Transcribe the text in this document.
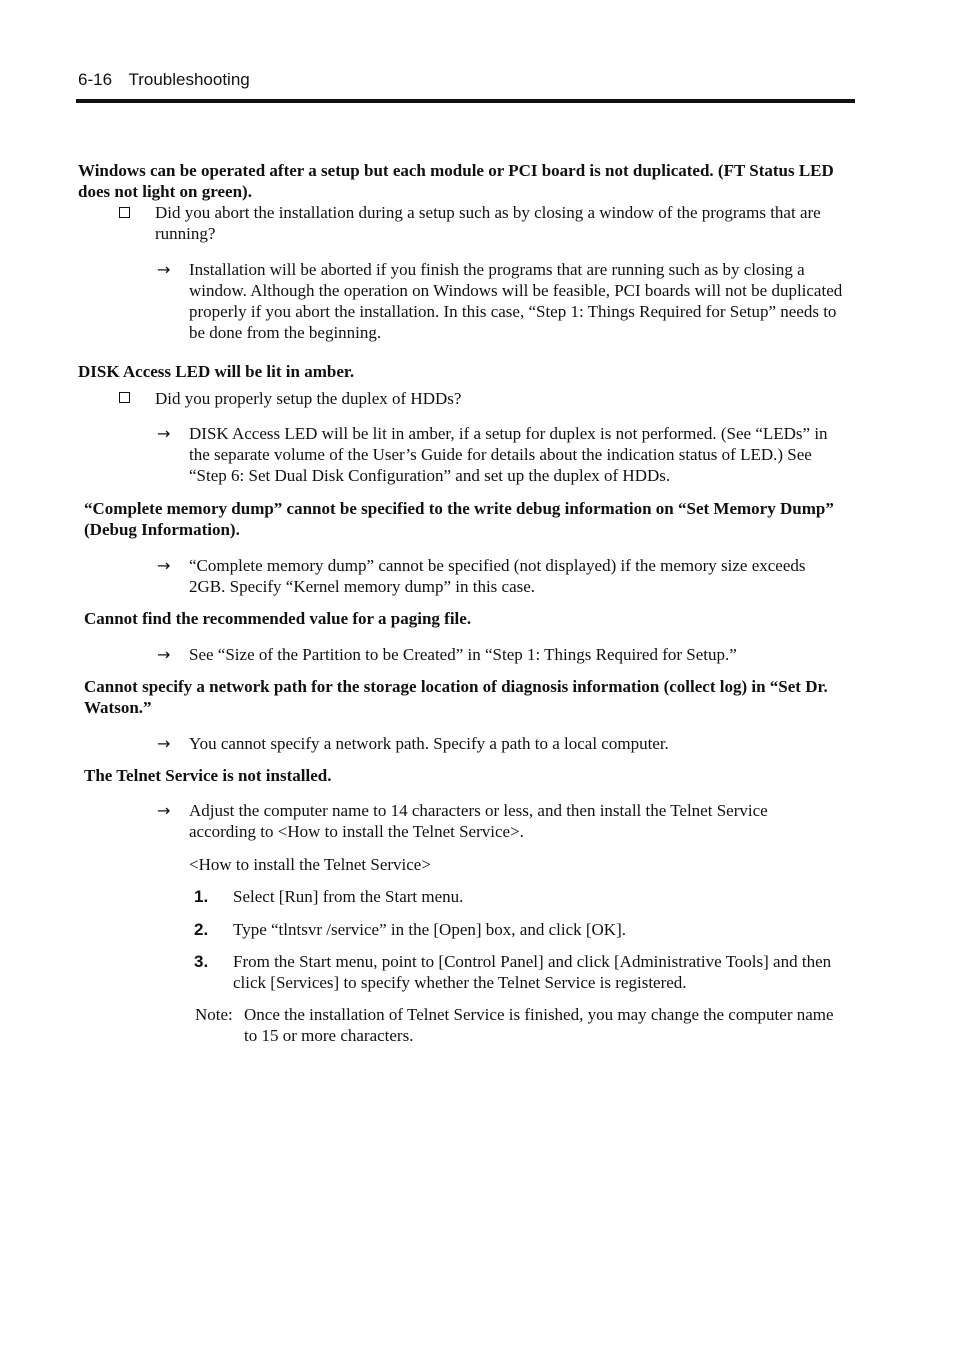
6-16 Troubleshooting
Windows can be operated after a setup but each module or PCI board is not duplicated. (FT Status LED does not light on green).
Did you abort the installation during a setup such as by closing a window of the programs that are running?
→ Installation will be aborted if you finish the programs that are running such as by closing a window. Although the operation on Windows will be feasible, PCI boards will not be duplicated properly if you abort the installation. In this case, “Step 1: Things Required for Setup” needs to be done from the beginning.
DISK Access LED will be lit in amber.
Did you properly setup the duplex of HDDs?
→ DISK Access LED will be lit in amber, if a setup for duplex is not performed. (See “LEDs” in the separate volume of the User’s Guide for details about the indication status of LED.) See “Step 6: Set Dual Disk Configuration” and set up the duplex of HDDs.
“Complete memory dump” cannot be specified to the write debug information on “Set Memory Dump” (Debug Information).
→ “Complete memory dump” cannot be specified (not displayed) if the memory size exceeds 2GB. Specify “Kernel memory dump” in this case.
Cannot find the recommended value for a paging file.
→ See “Size of the Partition to be Created” in “Step 1: Things Required for Setup.”
Cannot specify a network path for the storage location of diagnosis information (collect log) in “Set Dr. Watson.”
→ You cannot specify a network path. Specify a path to a local computer.
The Telnet Service is not installed.
→ Adjust the computer name to 14 characters or less, and then install the Telnet Service according to <How to install the Telnet Service>.
<How to install the Telnet Service>
1. Select [Run] from the Start menu.
2. Type “tlntsvr /service” in the [Open] box, and click [OK].
3. From the Start menu, point to [Control Panel] and click [Administrative Tools] and then click [Services] to specify whether the Telnet Service is registered.
Note: Once the installation of Telnet Service is finished, you may change the computer name to 15 or more characters.
